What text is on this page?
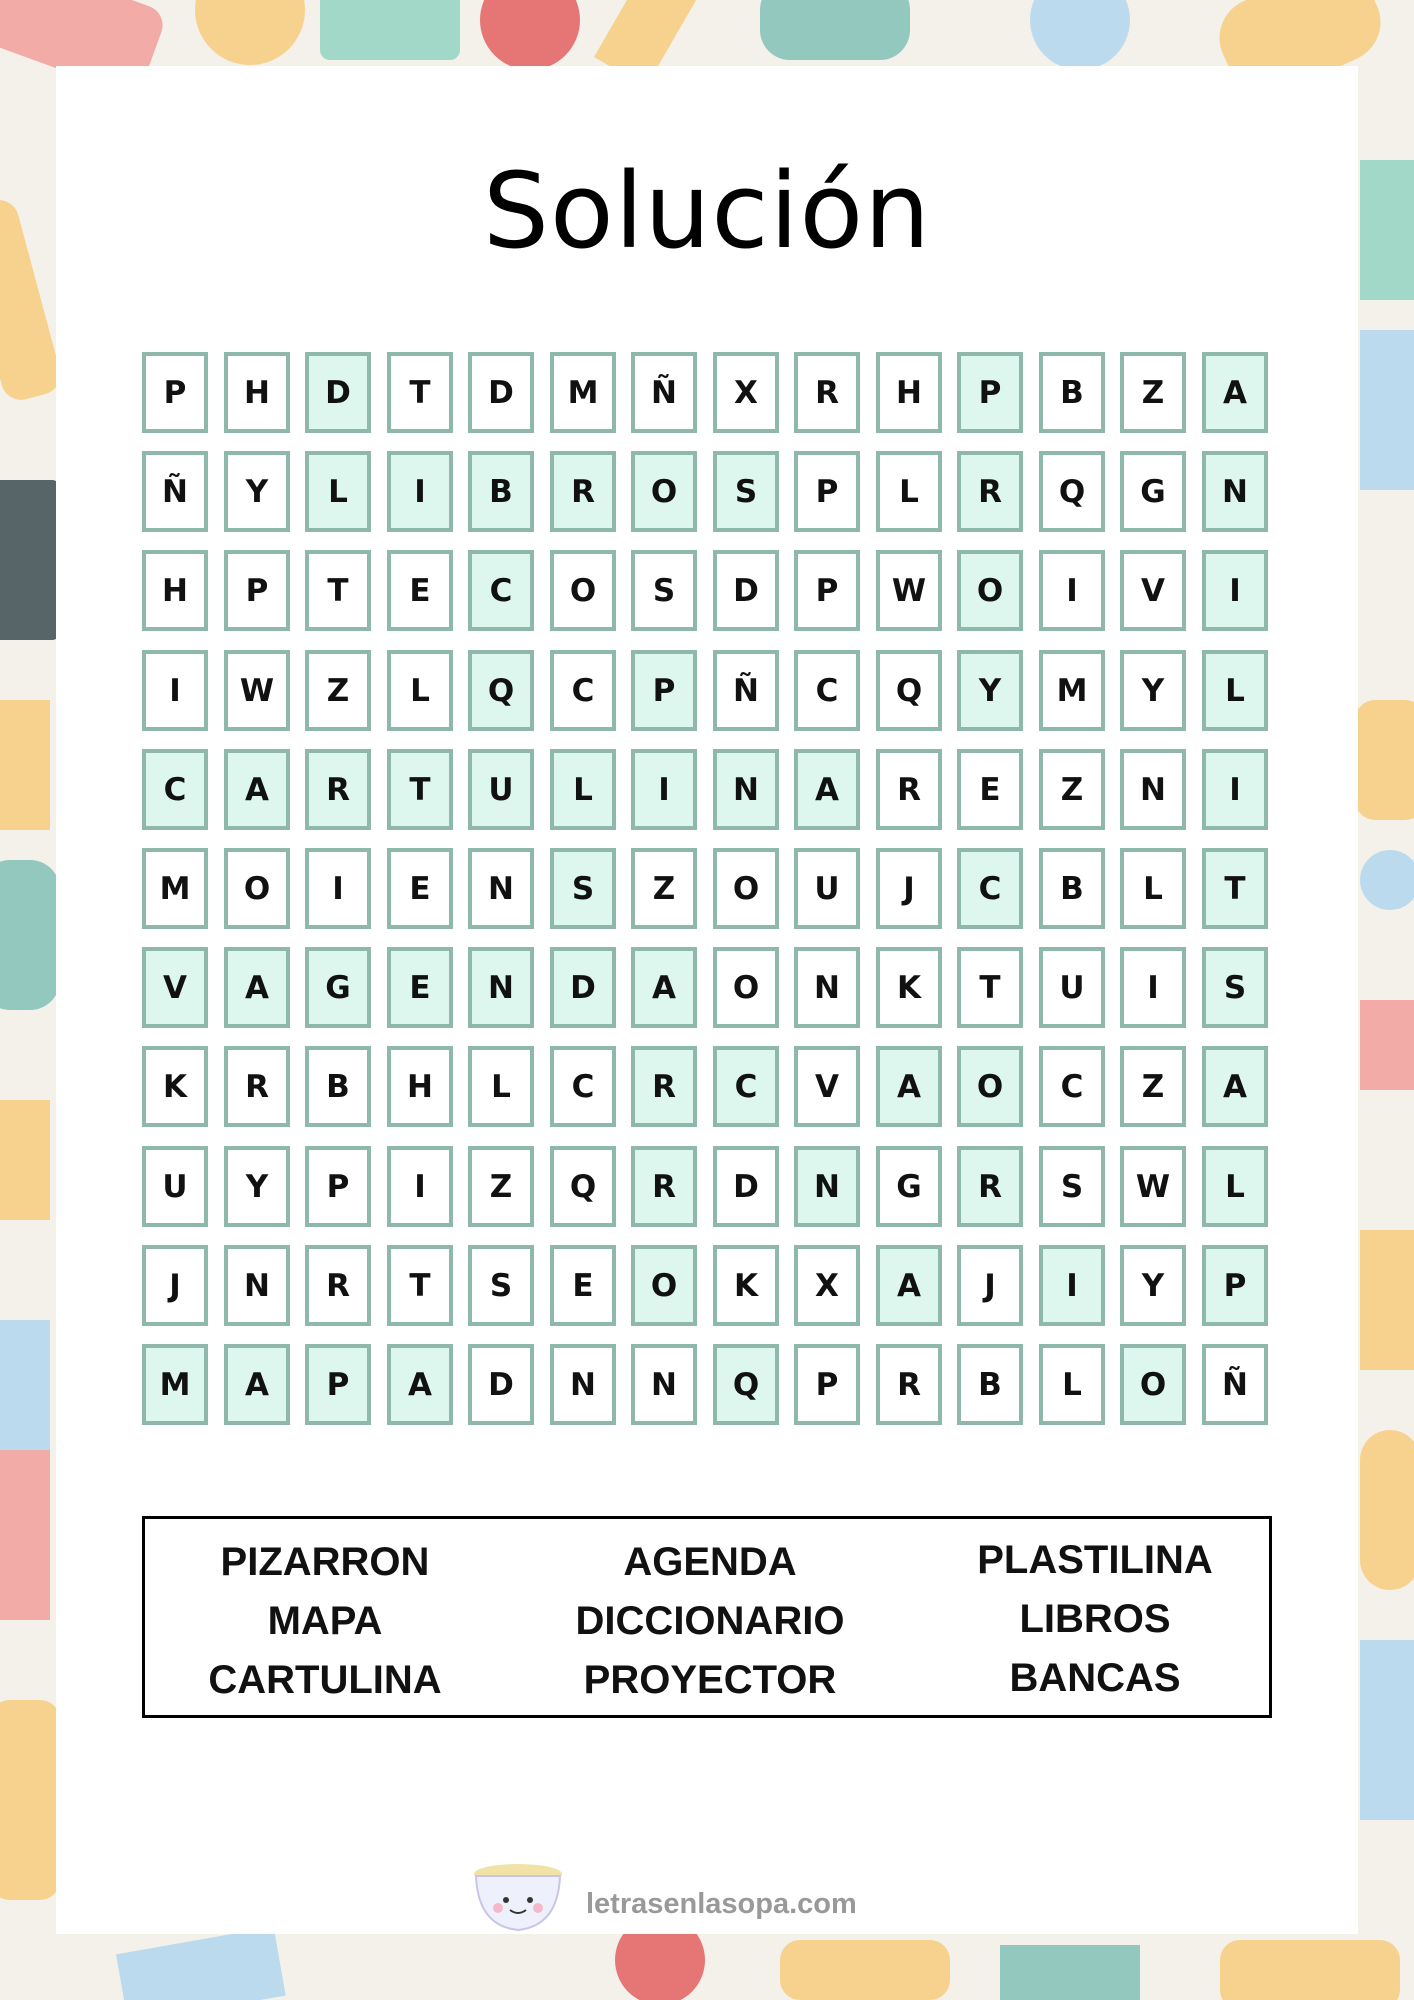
Solución
P	H	D	T	D	M	Ñ	X	R	H	P	B	Z	A
Ñ	Y	L	I	B	R	O	S	P	L	R	Q	G	N
H	P	T	E	C	O	S	D	P	W	O	I	V	I
I	W	Z	L	Q	C	P	Ñ	C	Q	Y	M	Y	L
C	A	R	T	U	L	I	N	A	R	E	Z	N	I
M	O	I	E	N	S	Z	O	U	J	C	B	L	T
V	A	G	E	N	D	A	O	N	K	T	U	I	S
K	R	B	H	L	C	R	C	V	A	O	C	Z	A
U	Y	P	I	Z	Q	R	D	N	G	R	S	W	L
J	N	R	T	S	E	O	K	X	A	J	I	Y	P
M	A	P	A	D	N	N	Q	P	R	B	L	O	Ñ
PIZARRON
MAPA
CARTULINA
AGENDA
DICCIONARIO
PROYECTOR
PLASTILINA
LIBROS
BANCAS
letrasenlasopa.com
